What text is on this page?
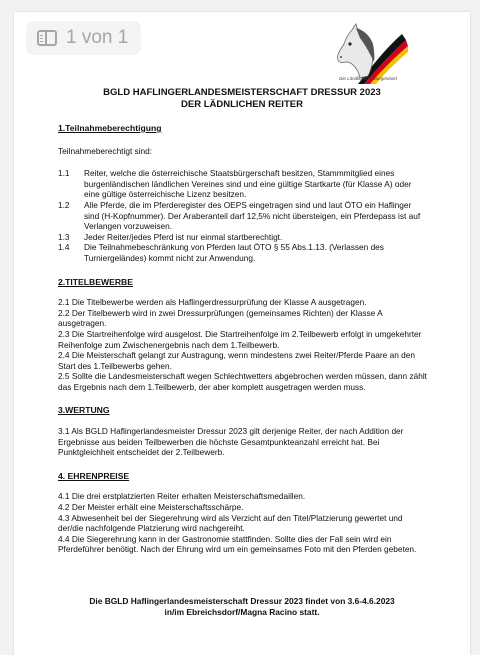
1 von 1
Die Ländlichen – Burgenland
BGLD HAFLINGERLANDESMEISTERSCHAFT DRESSUR 2023
DER LÄDNLICHEN REITER

1.Teilnahmeberechtigung

Teilnahmeberechtigt sind:

1.1	Reiter, welche die österreichische Staatsbürgerschaft besitzen, Stammmitglied eines burgenländischen ländlichen Vereines sind und eine gültige Startkarte (für Klasse A) oder eine gültige österreichische Lizenz besitzen.
1.2	Alle Pferde, die im Pferderegister des OEPS eingetragen sind und laut ÖTO ein Haflinger sind (H-Kopfnummer). Der Araberanteil darf 12,5% nicht übersteigen, ein Pferdepass ist auf Verlangen vorzuweisen.
1.3	Jeder Reiter/jedes Pferd ist nur einmal startberechtigt.
1.4	Die Teilnahmebeschränkung von Pferden laut ÖTO § 55 Abs.1.13. (Verlassen des Turniergeländes) kommt nicht zur Anwendung.

2.TITELBEWERBE

2.1 Die Titelbewerbe werden als Haflingerdressurprüfung der Klasse A ausgetragen.

2.2 Der Titelbewerb wird in zwei Dressurprüfungen (gemeinsames Richten) der Klasse A ausgetragen.

2.3 Die Startreihenfolge wird ausgelost. Die Startreihenfolge im 2.Teilbewerb erfolgt in umgekehrter Reihenfolge zum Zwischenergebnis nach dem 1.Teilbewerb.

2.4 Die Meisterschaft gelangt zur Austragung, wenn mindestens zwei Reiter/Pferde Paare an den Start des 1.Teilbewerbs gehen.

2.5 Sollte die Landesmeisterschaft wegen Schlechtwetters abgebrochen werden müssen, dann zählt das Ergebnis nach dem 1.Teilbewerb, der aber komplett ausgetragen werden muss.

3.WERTUNG

3.1 Als BGLD Haflingerlandesmeister Dressur 2023 gilt derjenige Reiter, der nach Addition der Ergebnisse aus beiden Teilbewerben die höchste Gesamtpunkteanzahl erreicht hat. Bei Punktgleichheit entscheidet der 2.Teilbewerb.

4. EHRENPREISE

4.1 Die drei erstplatzierten Reiter erhalten Meisterschaftsmedaillen.

4.2 Der Meister erhält eine Meisterschaftsschärpe.

4.3 Abwesenheit bei der Siegerehrung wird als Verzicht auf den Titel/Platzierung gewertet und der/die nachfolgende Platzierung wird nachgereiht.

4.4 Die Siegerehrung kann in der Gastronomie stattfinden. Sollte dies der Fall sein wird ein Pferdeführer benötigt. Nach der Ehrung wird um ein gemeinsames Foto mit den Pferden gebeten.

Die BGLD Haflingerlandesmeisterschaft Dressur 2023 findet von 3.6-4.6.2023
in/im Ebreichsdorf/Magna Racino statt.
